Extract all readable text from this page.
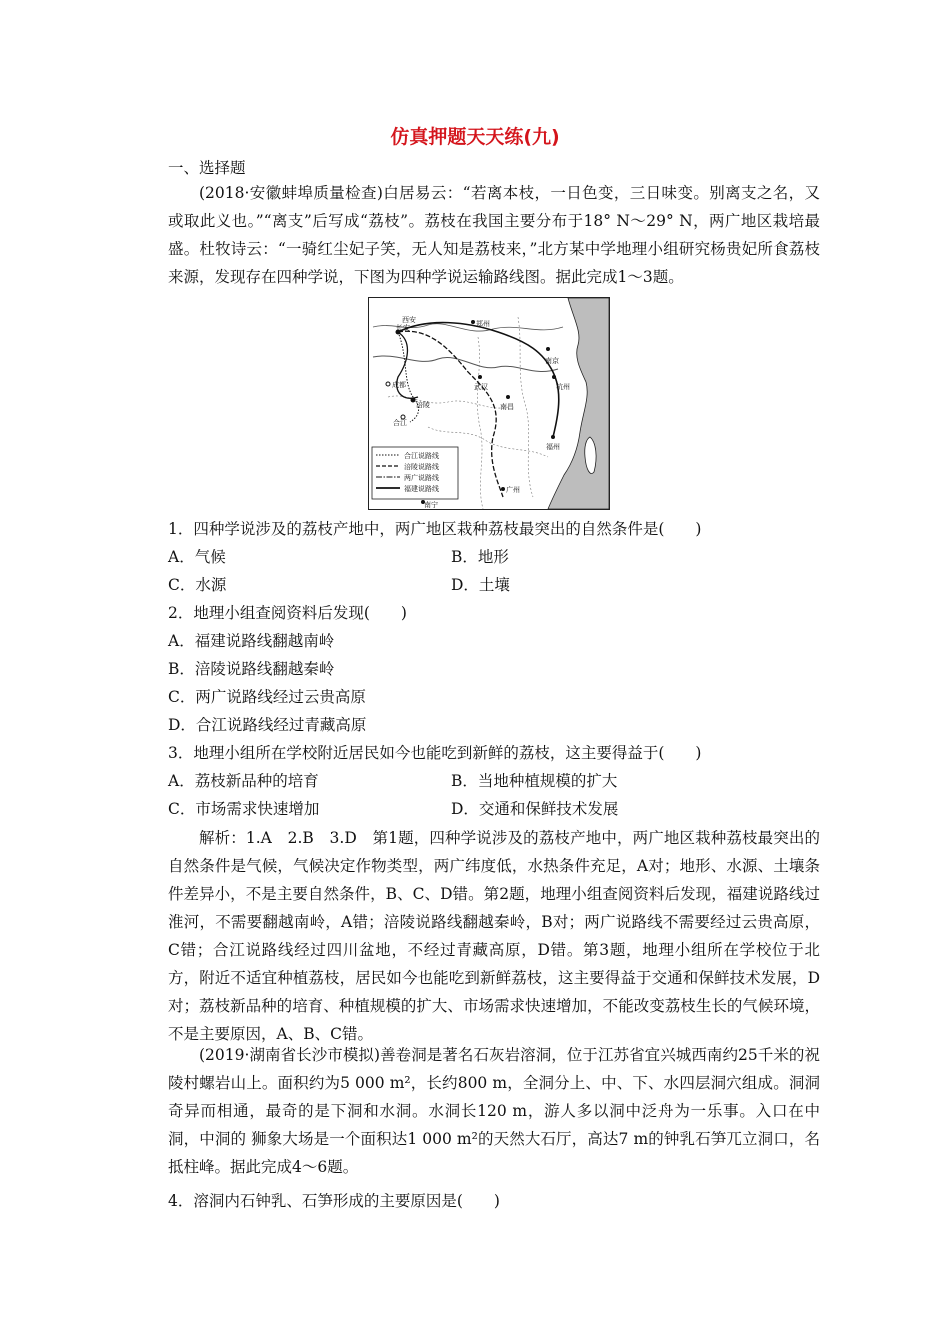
仿真押题天天练(九)
一、选择题
(2018·安徽蚌埠质量检查)白居易云：“若离本枝，一日色变，三日味变。别离支之名，又或取此义也。”“离支”后写成“荔枝”。荔枝在我国主要分布于18° N～29° N，两广地区栽培最盛。杜牧诗云：“一骑红尘妃子笑，无人知是荔枝来，”北方某中学地理小组研究杨贵妃所食荔枝来源，发现存在四种学说，下图为四种学说运输路线图。据此完成1～3题。
西安
长安	郑州
成都
涪陵
合江
武汉
南京
杭州
南昌
福州
广州
南宁
合江说路线
涪陵说路线
两广说路线
福建说路线
1．四种学说涉及的荔枝产地中，两广地区栽种荔枝最突出的自然条件是(　　)
A．气候	B．地形
C．水源	D．土壤
2．地理小组查阅资料后发现(　　)
A．福建说路线翻越南岭
B．涪陵说路线翻越秦岭
C．两广说路线经过云贵高原
D．合江说路线经过青藏高原
3．地理小组所在学校附近居民如今也能吃到新鲜的荔枝，这主要得益于(　　)
A．荔枝新品种的培育	B．当地种植规模的扩大
C．市场需求快速增加	D．交通和保鲜技术发展
解析：1.A　2.B　3.D　第1题，四种学说涉及的荔枝产地中，两广地区栽种荔枝最突出的自然条件是气候，气候决定作物类型，两广纬度低，水热条件充足，A对；地形、水源、土壤条件差异小，不是主要自然条件，B、C、D错。第2题，地理小组查阅资料后发现，福建说路线过淮河，不需要翻越南岭，A错；涪陵说路线翻越秦岭，B对；两广说路线不需要经过云贵高原，C错；合江说路线经过四川盆地，不经过青藏高原，D错。第3题，地理小组所在学校位于北方，附近不适宜种植荔枝，居民如今也能吃到新鲜荔枝，这主要得益于交通和保鲜技术发展，D对；荔枝新品种的培育、种植规模的扩大、市场需求快速增加，不能改变荔枝生长的气候环境，不是主要原因，A、B、C错。
(2019·湖南省长沙市模拟)善卷洞是著名石灰岩溶洞，位于江苏省宜兴城西南约25千米的祝陵村螺岩山上。面积约为5 000 m²，长约800 m，全洞分上、中、下、水四层洞穴组成。洞洞奇异而相通，最奇的是下洞和水洞。水洞长120 m，游人多以洞中泛舟为一乐事。入口在中洞，中洞的 狮象大场是一个面积达1 000 m²的天然大石厅，高达7 m的钟乳石笋兀立洞口，名抵柱峰。据此完成4～6题。
4．溶洞内石钟乳、石笋形成的主要原因是(　　)
